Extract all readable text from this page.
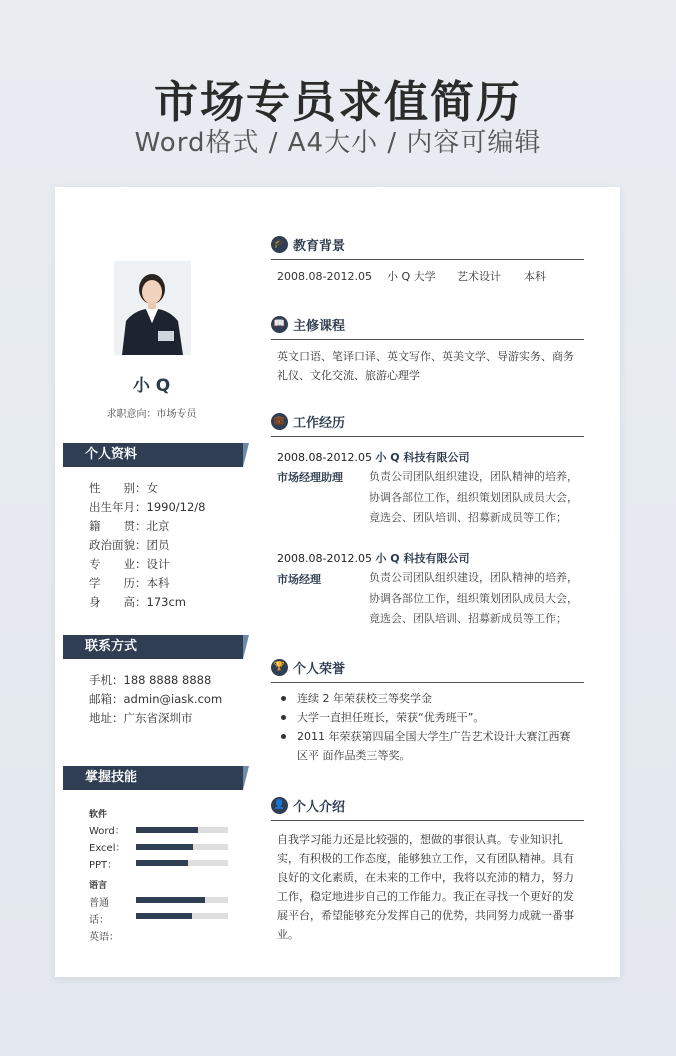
市场专员求值简历
Word格式 / A4大小 / 内容可编辑
小 Q
求职意向：市场专员
个人资料
性　　别：女
出生年月：1990/12/8
籍　　贯：北京
政治面貌：团员
专　　业：设计
学　　历：本科
身　　高：173cm
联系方式
手机：188 8888 8888
邮箱：admin@iask.com
地址：广东省深圳市
掌握技能
软件
Word：
Excel：
PPT：
语言
普通
话：
英语：
🎓 教育背景
2008.08-2012.05 小 Q 大学 艺术设计 本科
📖 主修课程
英文口语、笔译口译、英文写作、英美文学、导游实务、商务礼仪、文化交流、旅游心理学
💼 工作经历
2008.08-2012.05 小 Q 科技有限公司
市场经理助理 负责公司团队组织建设，团队精神的培养，协调各部位工作，组织策划团队成员大会，竟选会、团队培训、招募新成员等工作；
2008.08-2012.05 小 Q 科技有限公司
市场经理	负责公司团队组织建设，团队精神的培养，协调各部位工作，组织策划团队成员大会，竟选会、团队培训、招募新成员等工作；
🏆 个人荣誉
连续 2 年荣获校三等奖学金
大学一直担任班长，荣获“优秀班干”。
2011 年荣获第四届全国大学生广告艺术设计大赛江西赛区平 面作品类三等奖。
👤 个人介绍
自我学习能力还是比较强的，想做的事很认真。专业知识扎实，有积极的工作态度，能够独立工作，又有团队精神。具有良好的文化素质，在未来的工作中，我将以充沛的精力，努力工作，稳定地进步自己的工作能力。我正在寻找一个更好的发展平台，希望能够充分发挥自己的优势，共同努力成就一番事业。
